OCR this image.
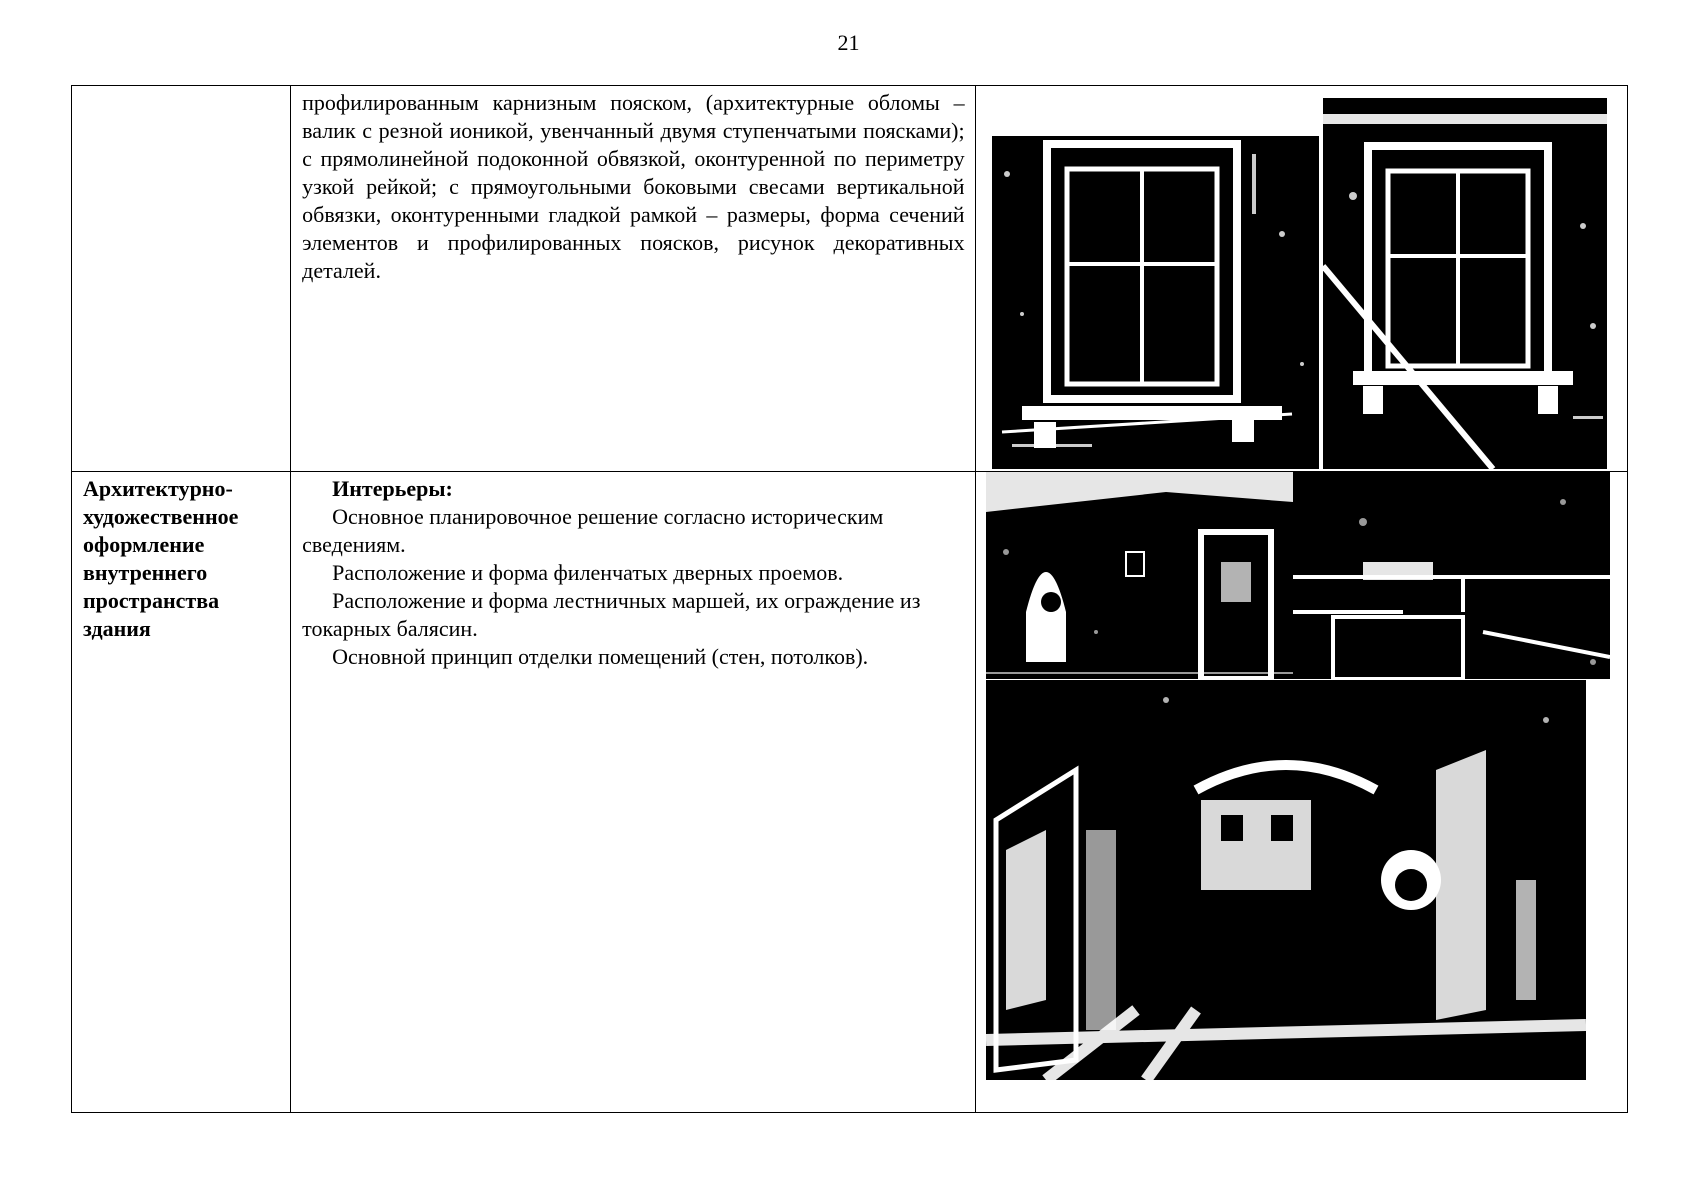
21

	профилированным карнизным пояском, (архитектурные обломы – валик с резной ионикой, увенчанный двумя ступенчатыми поясками); с прямолинейной подоконной обвязкой, оконтуренной по периметру узкой рейкой; с прямоугольными боковыми свесами вертикальной обвязки, оконтуренными гладкой рамкой – размеры, форма сечений элементов и профилированных поясков, рисунок декоративных деталей.

Архитектурно-художественное оформление внутреннего пространства здания	Интерьеры:

Основное планировочное решение согласно историческим сведениям.

Расположение и форма филенчатых дверных проемов.

Расположение и форма лестничных маршей, их ограждение из токарных балясин.

Основной принцип отделки помещений (стен, потолков).
